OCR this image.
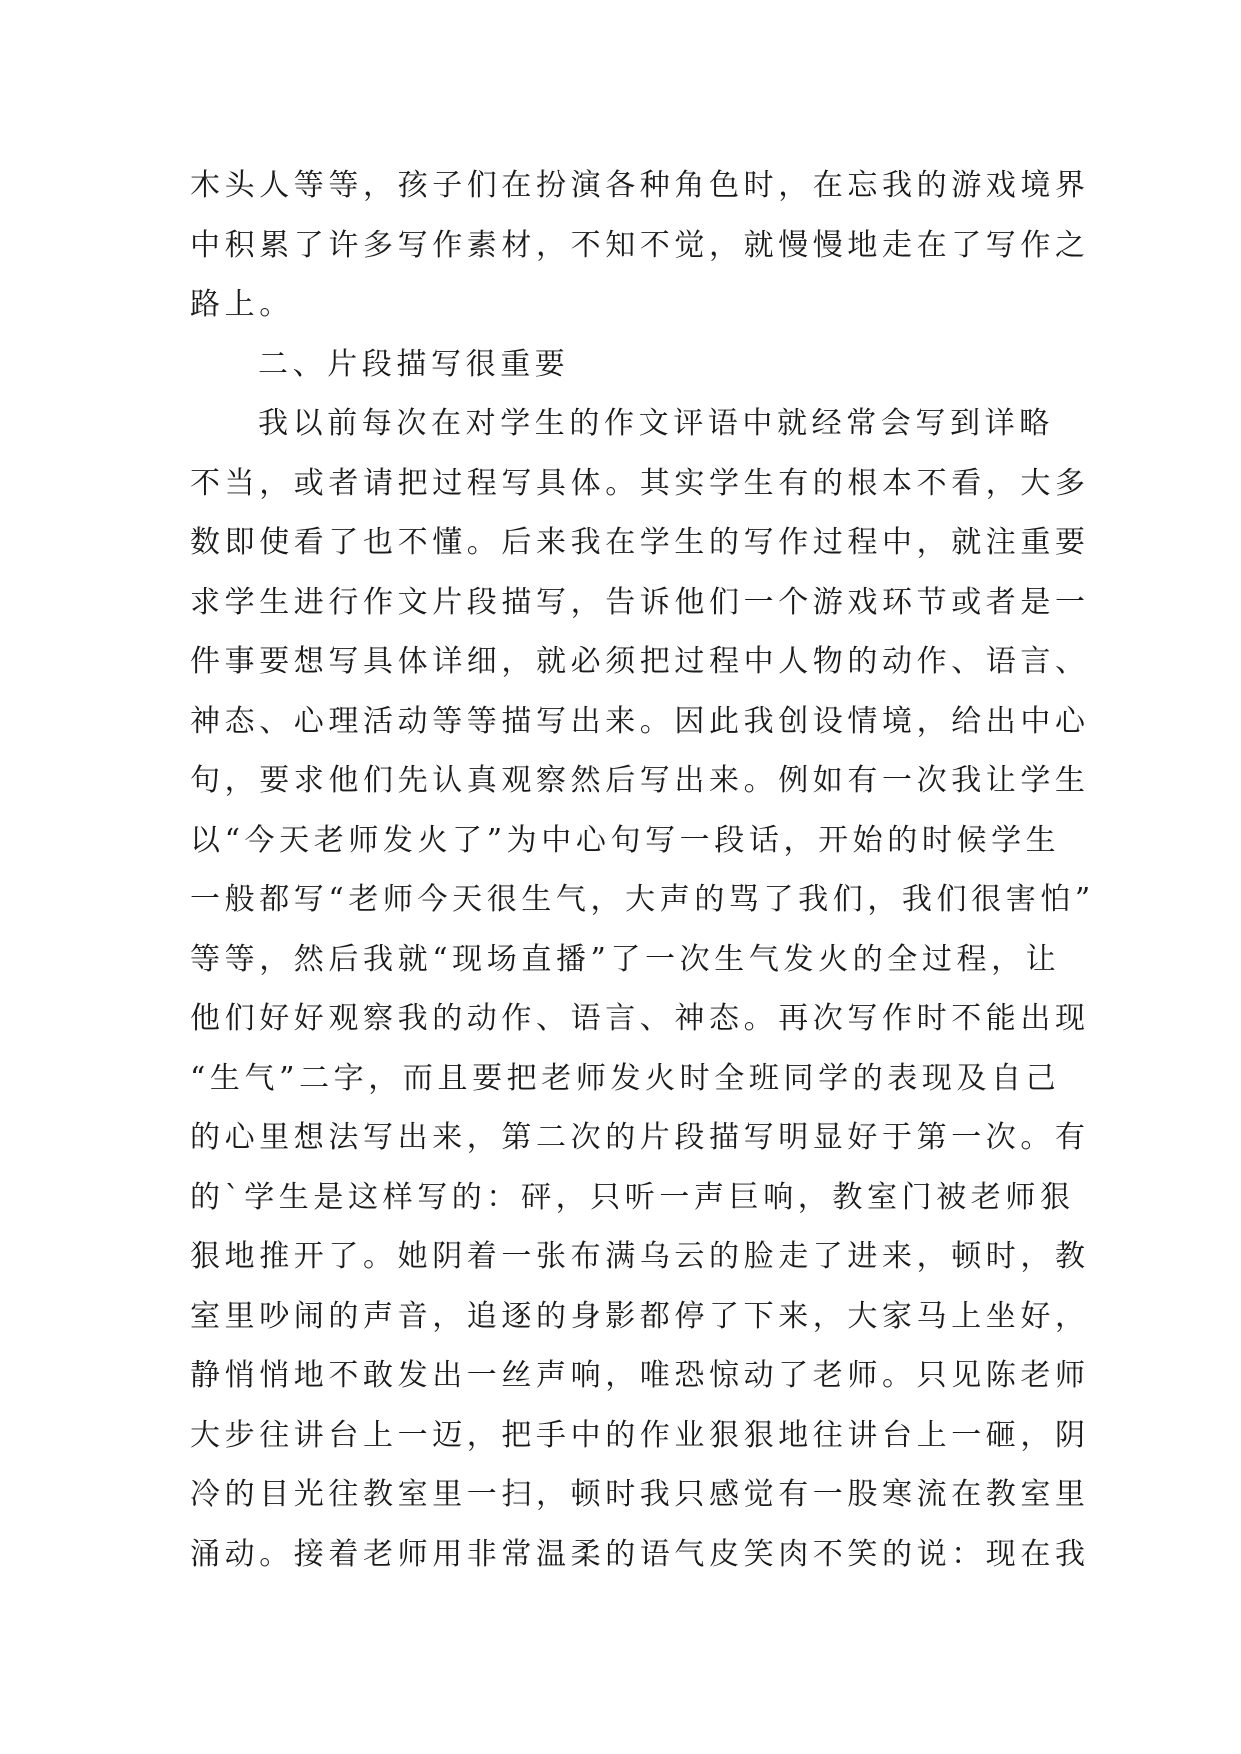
木头人等等，孩子们在扮演各种角色时，在忘我的游戏境界
中积累了许多写作素材，不知不觉，就慢慢地走在了写作之
路上。
二、片段描写很重要
我以前每次在对学生的作文评语中就经常会写到详略
不当，或者请把过程写具体。其实学生有的根本不看，大多
数即使看了也不懂。后来我在学生的写作过程中，就注重要
求学生进行作文片段描写，告诉他们一个游戏环节或者是一
件事要想写具体详细，就必须把过程中人物的动作、语言、
神态、心理活动等等描写出来。因此我创设情境，给出中心
句，要求他们先认真观察然后写出来。例如有一次我让学生
以“今天老师发火了”为中心句写一段话，开始的时候学生
一般都写“老师今天很生气，大声的骂了我们，我们很害怕”
等等，然后我就“现场直播”了一次生气发火的全过程，让
他们好好观察我的动作、语言、神态。再次写作时不能出现
“生气”二字，而且要把老师发火时全班同学的表现及自己
的心里想法写出来，第二次的片段描写明显好于第一次。有
的`学生是这样写的：砰，只听一声巨响，教室门被老师狠
狠地推开了。她阴着一张布满乌云的脸走了进来，顿时，教
室里吵闹的声音，追逐的身影都停了下来，大家马上坐好，
静悄悄地不敢发出一丝声响，唯恐惊动了老师。只见陈老师
大步往讲台上一迈，把手中的作业狠狠地往讲台上一砸，阴
冷的目光往教室里一扫，顿时我只感觉有一股寒流在教室里
涌动。接着老师用非常温柔的语气皮笑肉不笑的说：现在我
